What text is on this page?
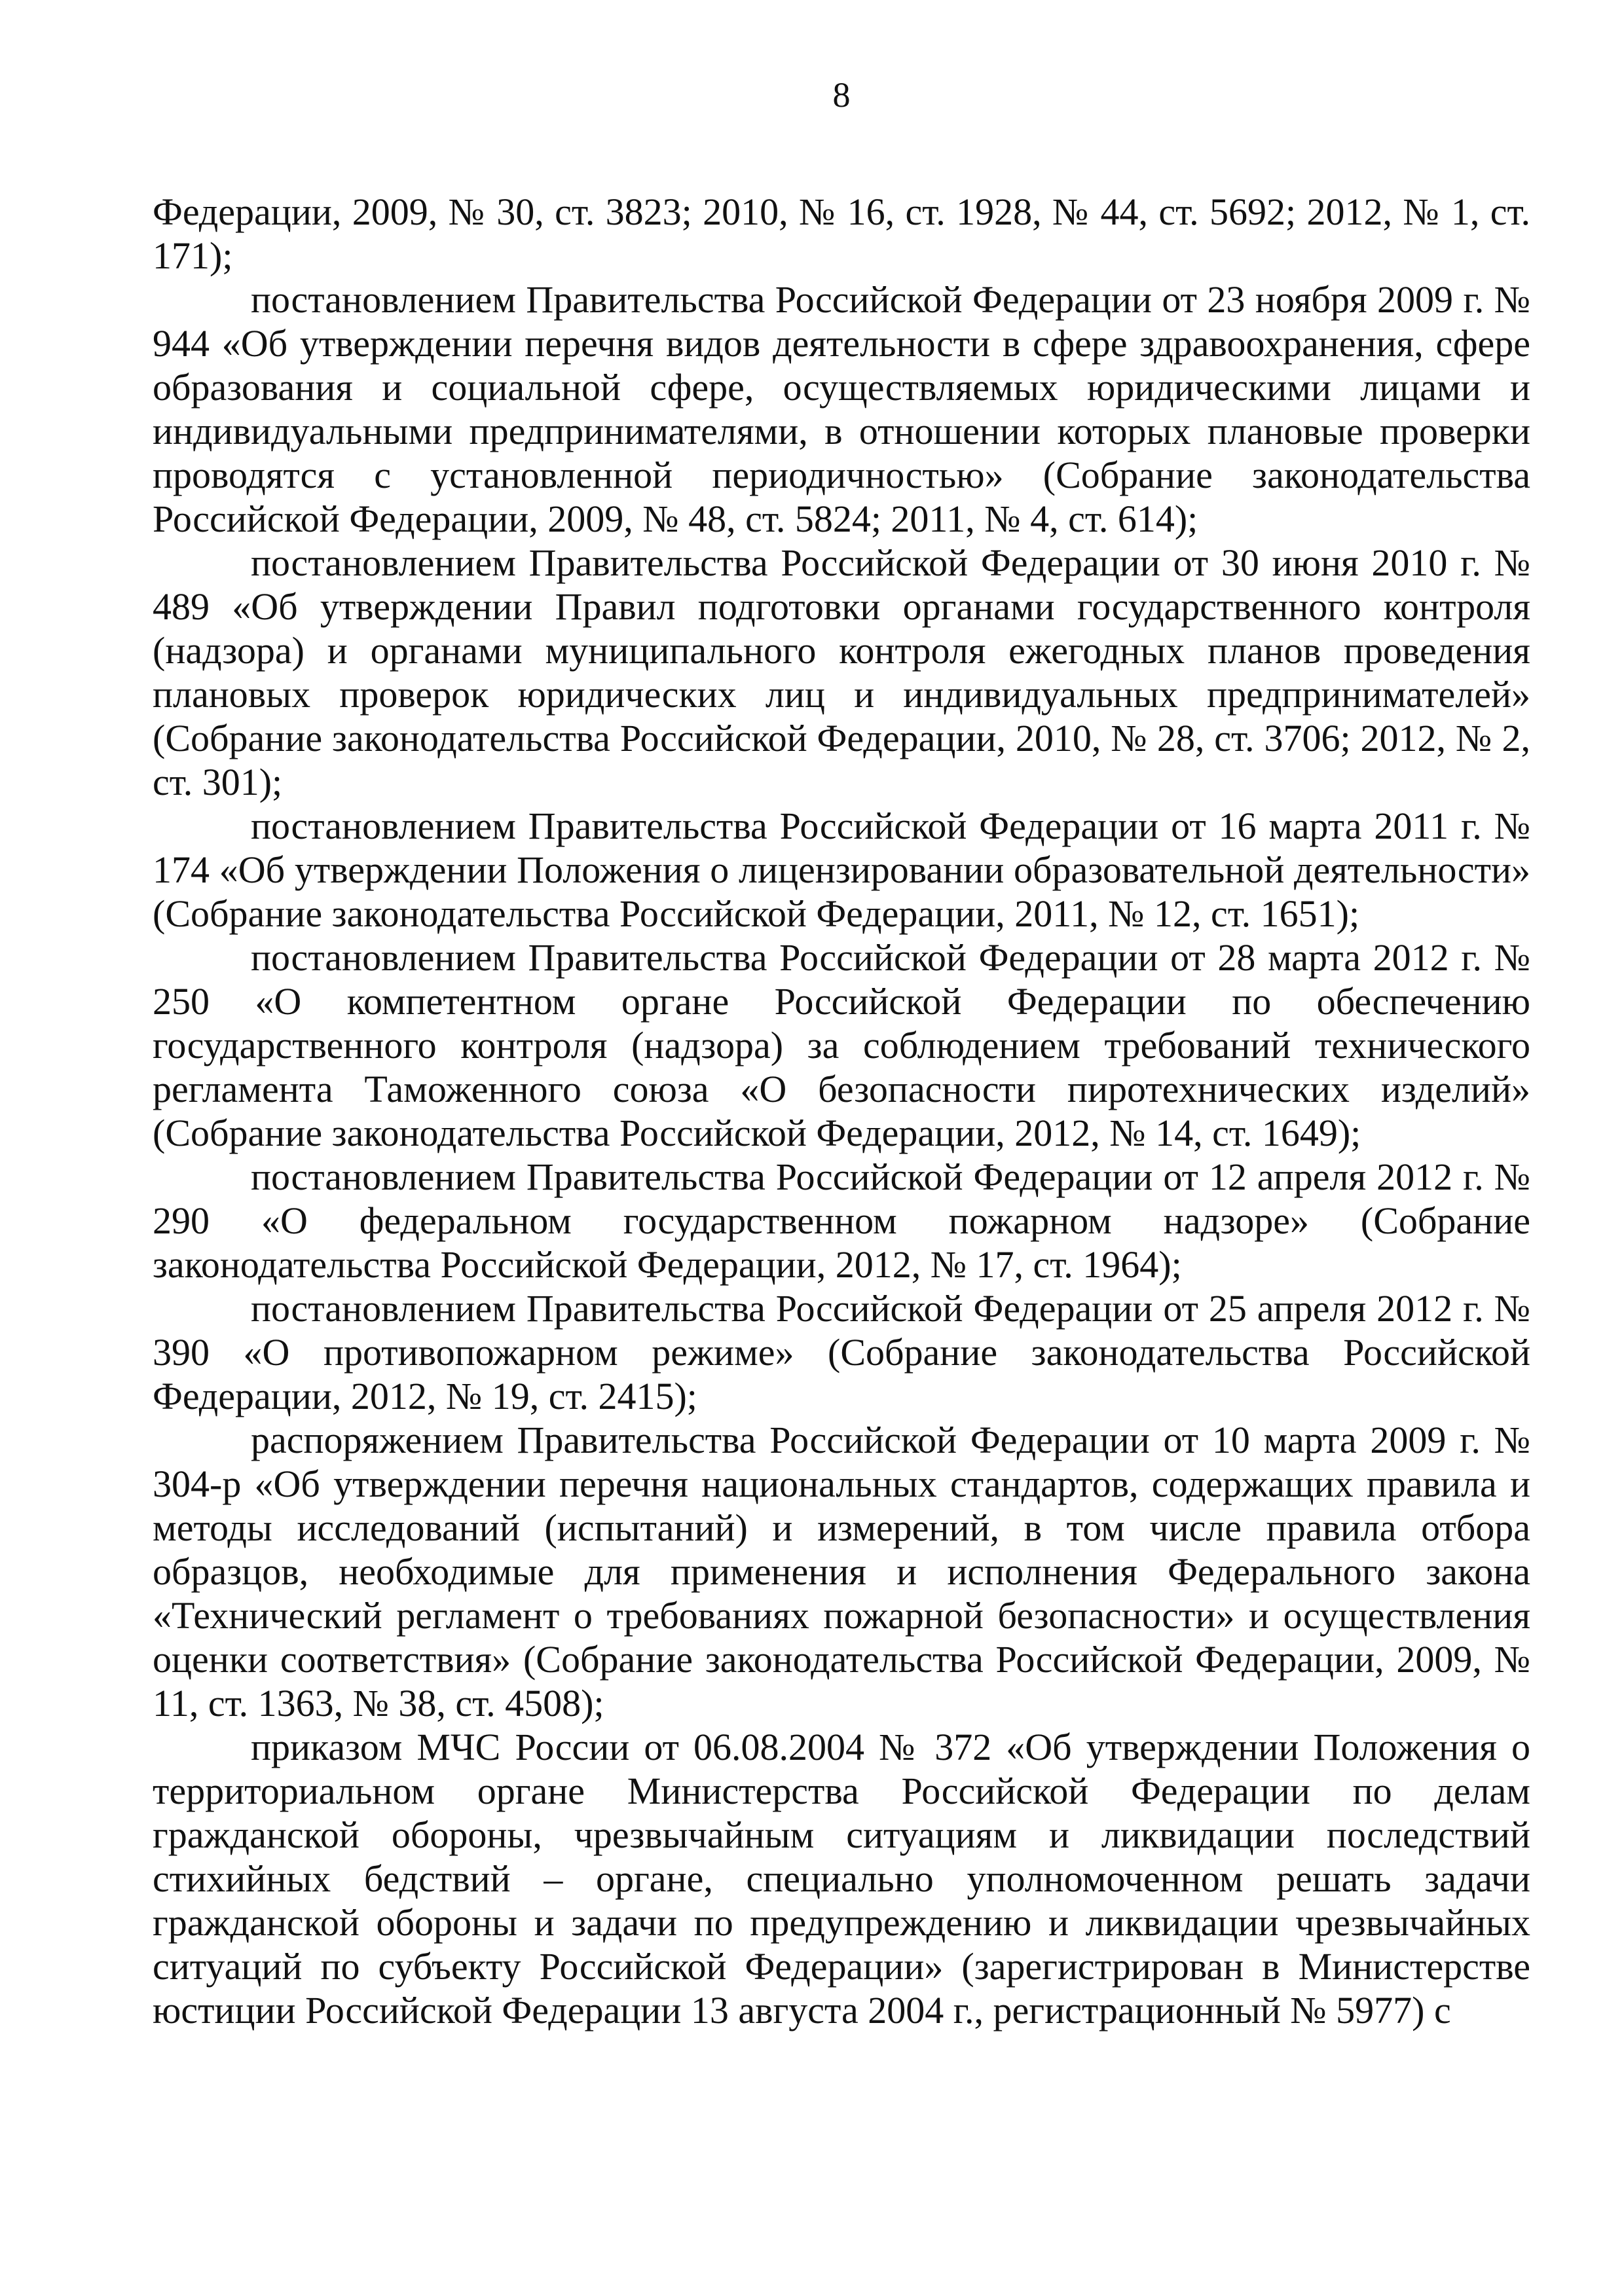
8

Федерации, 2009, № 30, ст. 3823; 2010, № 16, ст. 1928, № 44, ст. 5692; 2012, № 1, ст. 171);

постановлением Правительства Российской Федерации от 23 ноября 2009 г. № 944 «Об утверждении перечня видов деятельности в сфере здравоохранения, сфере образования и социальной сфере, осуществляемых юридическими лицами и индивидуальными предпринимателями, в отношении которых плановые проверки проводятся с установленной периодичностью» (Собрание законодательства Российской Федерации, 2009, № 48, ст. 5824; 2011, № 4, ст. 614);

постановлением Правительства Российской Федерации от 30 июня 2010 г. № 489 «Об утверждении Правил подготовки органами государственного контроля (надзора) и органами муниципального контроля ежегодных планов проведения плановых проверок юридических лиц и индивидуальных предпринимателей» (Собрание законодательства Российской Федерации, 2010, № 28, ст. 3706; 2012, № 2, ст. 301);

постановлением Правительства Российской Федерации от 16 марта 2011 г. № 174 «Об утверждении Положения о лицензировании образовательной деятельности» (Собрание законодательства Российской Федерации, 2011, № 12, ст. 1651);

постановлением Правительства Российской Федерации от 28 марта 2012 г. № 250 «О компетентном органе Российской Федерации по обеспечению государственного контроля (надзора) за соблюдением требований технического регламента Таможенного союза «О безопасности пиротехнических изделий» (Собрание законодательства Российской Федерации, 2012, № 14, ст. 1649);

постановлением Правительства Российской Федерации от 12 апреля 2012 г. № 290 «О федеральном государственном пожарном надзоре» (Собрание законодательства Российской Федерации, 2012, № 17, ст. 1964);

постановлением Правительства Российской Федерации от 25 апреля 2012 г. № 390 «О противопожарном режиме» (Собрание законодательства Российской Федерации, 2012, № 19, ст. 2415);

распоряжением Правительства Российской Федерации от 10 марта 2009 г. № 304-р «Об утверждении перечня национальных стандартов, содержащих правила и методы исследований (испытаний) и измерений, в том числе правила отбора образцов, необходимые для применения и исполнения Федерального закона «Технический регламент о требованиях пожарной безопасности» и осуществления оценки соответствия» (Собрание законодательства Российской Федерации, 2009, № 11, ст. 1363, № 38, ст. 4508);

приказом МЧС России от 06.08.2004 № 372 «Об утверждении Положения о территориальном органе Министерства Российской Федерации по делам гражданской обороны, чрезвычайным ситуациям и ликвидации последствий стихийных бедствий – органе, специально уполномоченном решать задачи гражданской обороны и задачи по предупреждению и ликвидации чрезвычайных ситуаций по субъекту Российской Федерации» (зарегистрирован в Министерстве юстиции Российской Федерации 13 августа 2004 г., регистрационный № 5977) с
